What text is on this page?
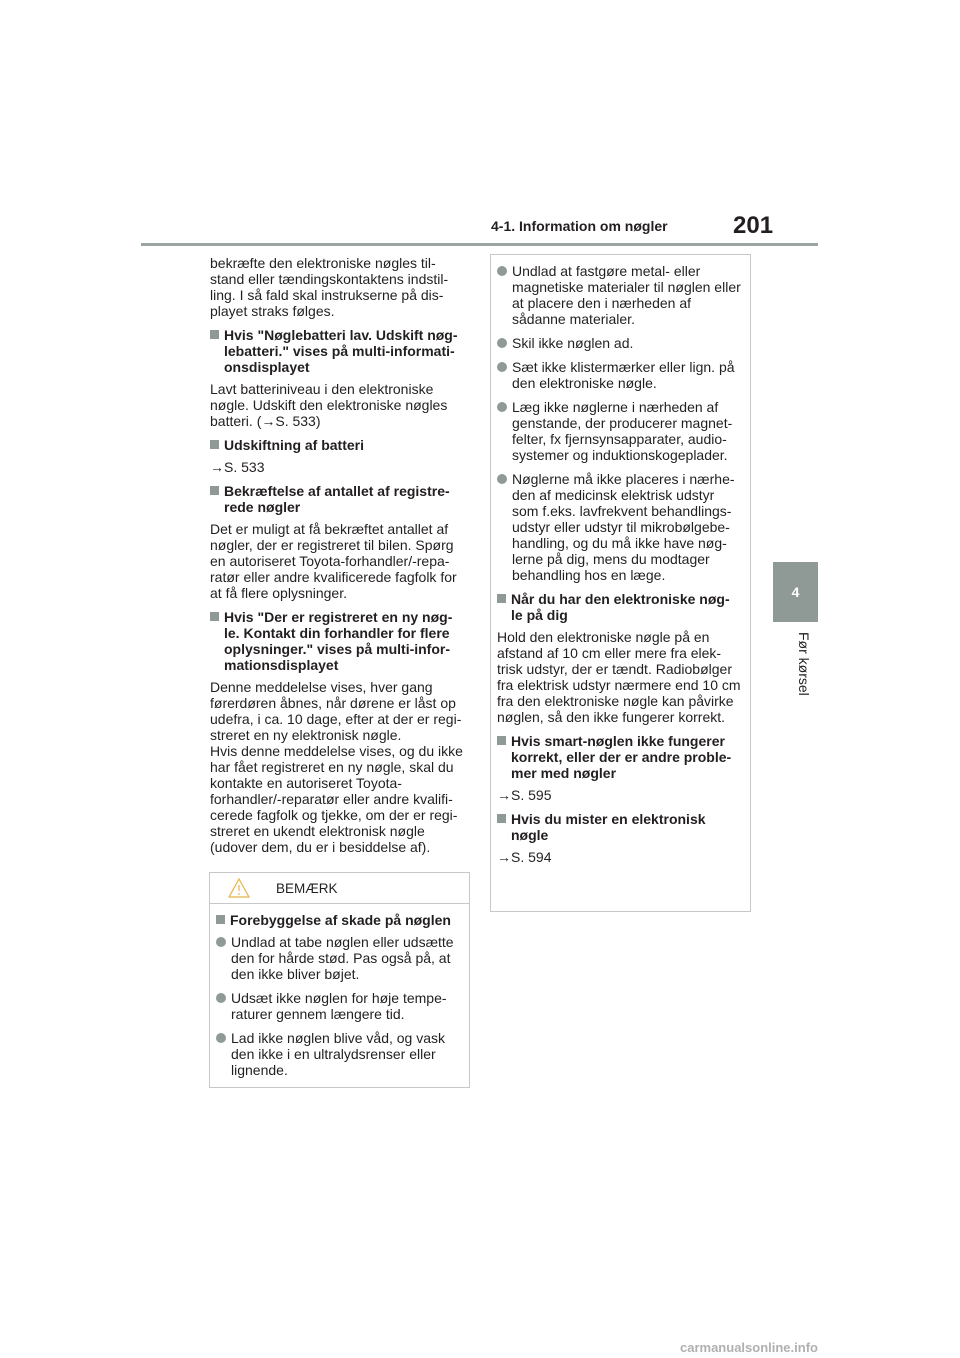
4-1. Information om nøgler	201
4
Før kørsel

bekræfte den elektroniske nøgles til- stand eller tændingskontaktens indstil- ling. I så fald skal instrukserne på dis- playet straks følges.

Hvis "Nøglebatteri lav. Udskift nøg- lebatteri." vises på multi-informati- onsdisplayet

Lavt batteriniveau i den elektroniske nøgle. Udskift den elektroniske nøgles batteri. (→S. 533)

Udskiftning af batteri
→S. 533
Bekræftelse af antallet af registre- rede nøgler

Det er muligt at få bekræftet antallet af nøgler, der er registreret til bilen. Spørg en autoriseret Toyota-forhandler/-repa- ratør eller andre kvalificerede fagfolk for at få flere oplysninger.

Hvis "Der er registreret en ny nøg- le. Kontakt din forhandler for flere oplysninger." vises på multi-infor- mationsdisplayet

Denne meddelelse vises, hver gang førerdøren åbnes, når dørene er låst op udefra, i ca. 10 dage, efter at der er regi- streret en ny elektronisk nøgle.

Hvis denne meddelelse vises, og du ikke har fået registreret en ny nøgle, skal du kontakte en autoriseret Toyota- forhandler/-reparatør eller andre kvalifi- cerede fagfolk og tjekke, om der er regi- streret en ukendt elektronisk nøgle (udover dem, du er i besiddelse af).

BEMÆRK
Forebyggelse af skade på nøglen
Undlad at tabe nøglen eller udsætte den for hårde stød. Pas også på, at den ikke bliver bøjet.
Udsæt ikke nøglen for høje tempe- raturer gennem længere tid.
Lad ikke nøglen blive våd, og vask den ikke i en ultralydsrenser eller lignende.
Undlad at fastgøre metal- eller magnetiske materialer til nøglen eller at placere den i nærheden af sådanne materialer.
Skil ikke nøglen ad.
Sæt ikke klistermærker eller lign. på den elektroniske nøgle.
Læg ikke nøglerne i nærheden af genstande, der producerer magnet- felter, fx fjernsynsapparater, audio- systemer og induktionskogeplader.
Nøglerne må ikke placeres i nærhe- den af medicinsk elektrisk udstyr som f.eks. lavfrekvent behandlings- udstyr eller udstyr til mikrobølgebe- handling, og du må ikke have nøg- lerne på dig, mens du modtager behandling hos en læge.
Når du har den elektroniske nøg- le på dig

Hold den elektroniske nøgle på en afstand af 10 cm eller mere fra elek- trisk udstyr, der er tændt. Radiobølger fra elektrisk udstyr nærmere end 10 cm fra den elektroniske nøgle kan påvirke nøglen, så den ikke fungerer korrekt.

Hvis smart-nøglen ikke fungerer korrekt, eller der er andre proble- mer med nøgler
→S. 595
Hvis du mister en elektronisk nøgle
→S. 594
carmanualsonline.info
